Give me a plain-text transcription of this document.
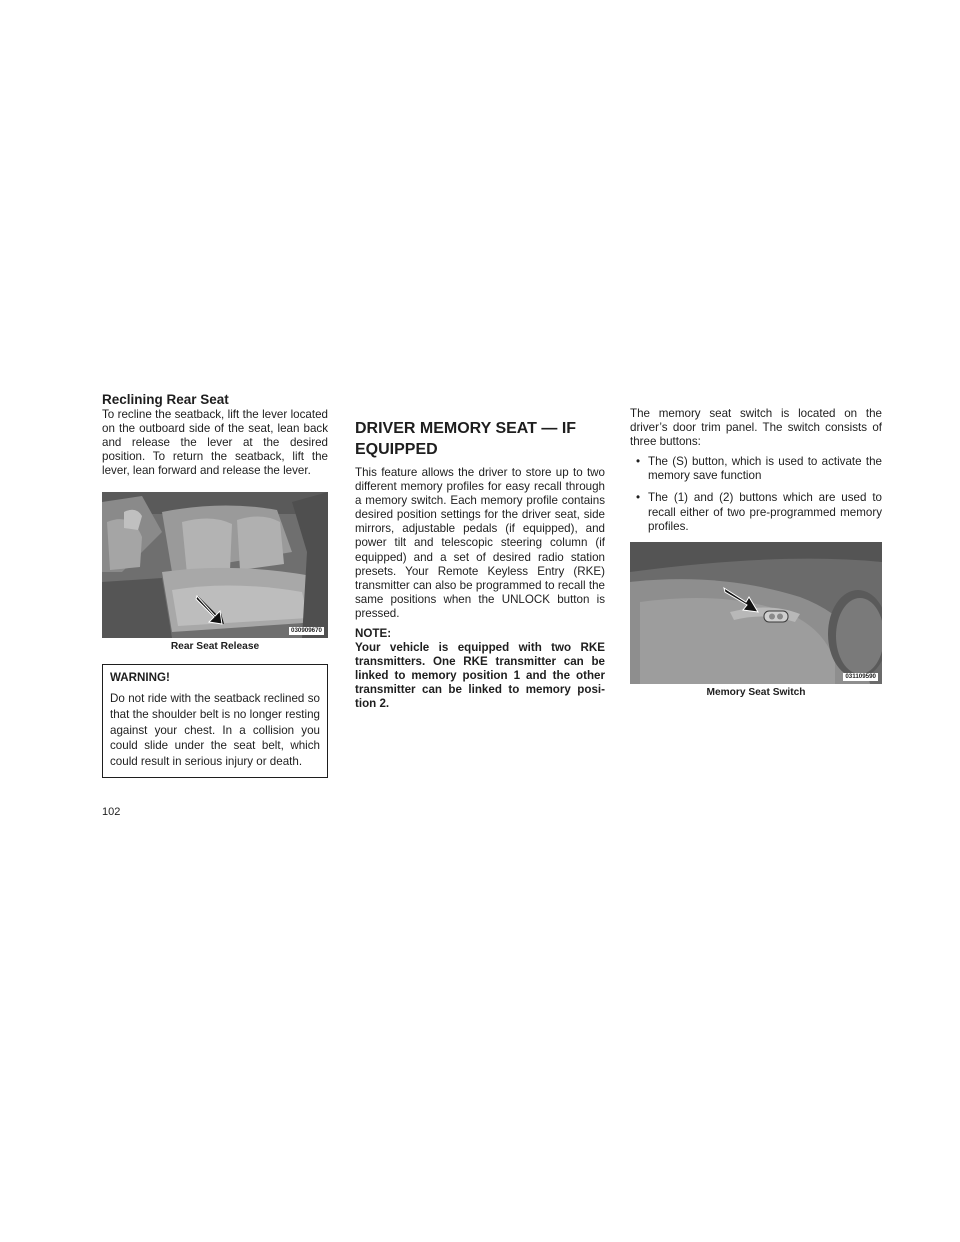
Reclining Rear Seat

To recline the seatback, lift the lever located on the outboard side of the seat, lean back and release the lever at the desired position. To return the seatback, lift the lever, lean forward and release the lever.

030909670
Rear Seat Release
WARNING!

Do not ride with the seatback reclined so that the shoulder belt is no longer resting against your chest. In a collision you could slide under the seat belt, which could result in serious injury or death.

DRIVER MEMORY SEAT — IF
EQUIPPED

This feature allows the driver to store up to two different memory profiles for easy recall through a memory switch. Each memory profile contains desired position settings for the driver seat, side mirrors, adjustable pedals (if equipped), and power tilt and telescopic steering column (if equipped) and a set of desired radio station presets. Your Remote Keyless Entry (RKE) transmitter can also be programmed to recall the same positions when the UNLOCK button is pressed.

NOTE:

Your vehicle is equipped with two RKE transmitters. One RKE transmitter can be linked to memory position 1 and the other transmitter can be linked to memory posi-tion 2.

The memory seat switch is located on the driver’s door trim panel. The switch consists of three buttons:

• The (S) button, which is used to activate the memory save function
• The (1) and (2) buttons which are used to recall either of two pre-programmed memory profiles.
031109590
Memory Seat Switch
102
